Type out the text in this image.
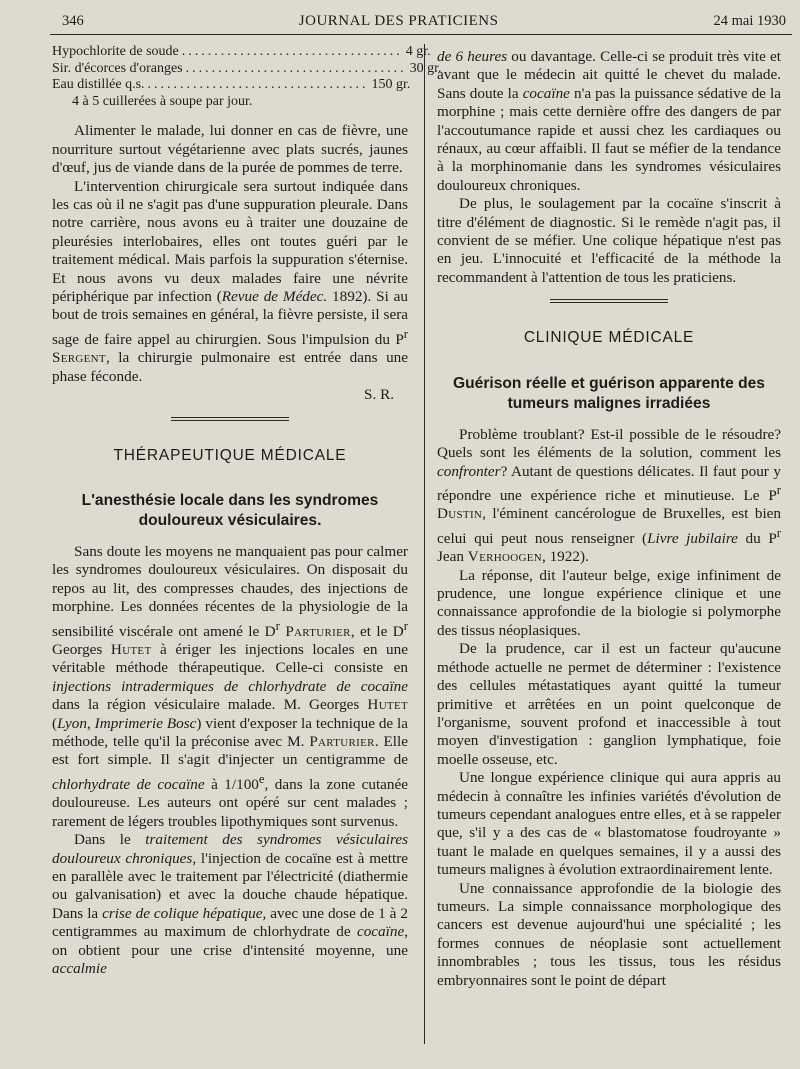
346	JOURNAL DES PRATICIENS	24 mai 1930
Hypochlorite de soude .................................. 4 gr.
Sir. d'écorces d'oranges .................................. 30 gr.
Eau distillée q.s. .................................. 150 gr.
4 à 5 cuillerées à soupe par jour.

Alimenter le malade, lui donner en cas de fièvre, une nourriture surtout végétarienne avec plats sucrés, jaunes d'œuf, jus de viande dans de la purée de pommes de terre.

L'intervention chirurgicale sera surtout indiquée dans les cas où il ne s'agit pas d'une suppuration pleurale. Dans notre carrière, nous avons eu à traiter une douzaine de pleurésies interlobaires, elles ont toutes guéri par le traitement médical. Mais parfois la suppuration s'éternise. Et nous avons vu deux malades faire une névrite périphérique par infection (Revue de Médec. 1892). Si au bout de trois semaines en général, la fièvre persiste, il sera sage de faire appel au chirurgien. Sous l'impulsion du $P^r$ Sergent, la chirurgie pulmonaire est entrée dans une phase féconde.

S. R.
THÉRAPEUTIQUE MÉDICALE
L'anesthésie locale dans les syndromes douloureux vésiculaires.

Sans doute les moyens ne manquaient pas pour calmer les syndromes douloureux vésiculaires. On disposait du repos au lit, des compresses chaudes, des injections de morphine. Les données récentes de la physiologie de la sensibilité viscérale ont amené le $D^r$ Parturier, et le $D^r$ Georges Hutet à ériger les injections locales en une véritable méthode thérapeutique. Celle-ci consiste en injections intradermiques de chlorhydrate de cocaïne dans la région vésiculaire malade. M. Georges Hutet (Lyon, Imprimerie Bosc) vient d'exposer la technique de la méthode, telle qu'il la préconise avec M. Parturier. Elle est fort simple. Il s'agit d'injecter un centigramme de chlorhydrate de cocaïne à 1/100e, dans la zone cutanée douloureuse. Les auteurs ont opéré sur cent malades ; rarement de légers troubles lipothymiques sont survenus.

Dans le traitement des syndromes vésiculaires douloureux chroniques, l'injection de cocaïne est à mettre en parallèle avec le traitement par l'électricité (diathermie ou galvanisation) et avec la douche chaude hépatique. Dans la crise de colique hépatique, avec une dose de 1 à 2 centigrammes au maximum de chlorhydrate de cocaïne, on obtient pour une crise d'intensité moyenne, une accalmie

de 6 heures ou davantage. Celle-ci se produit très vite et avant que le médecin ait quitté le chevet du malade. Sans doute la cocaïne n'a pas la puissance sédative de la morphine ; mais cette dernière offre des dangers de par l'accoutumance rapide et aussi chez les cardiaques ou rénaux, au cœur affaibli. Il faut se méfier de la tendance à la morphinomanie dans les syndromes vésiculaires douloureux chroniques.

De plus, le soulagement par la cocaïne s'inscrit à titre d'élément de diagnostic. Si le remède n'agit pas, il convient de se méfier. Une colique hépatique n'est pas en jeu. L'innocuité et l'efficacité de la méthode la recommandent à l'attention de tous les praticiens.

CLINIQUE MÉDICALE
Guérison réelle et guérison apparente des tumeurs malignes irradiées

Problème troublant? Est-il possible de le résoudre? Quels sont les éléments de la solution, comment les confronter? Autant de questions délicates. Il faut pour y répondre une expérience riche et minutieuse. Le $P^r$ Dustin, l'éminent cancérologue de Bruxelles, est bien celui qui peut nous renseigner (Livre jubilaire du $P^r$ Jean Verhoogen, 1922).

La réponse, dit l'auteur belge, exige infiniment de prudence, une longue expérience clinique et une connaissance approfondie de la biologie si polymorphe des tissus néoplasiques.

De la prudence, car il est un facteur qu'aucune méthode actuelle ne permet de déterminer : l'existence des cellules métastatiques ayant quitté la tumeur primitive et arrêtées en un point quelconque de l'organisme, souvent profond et inaccessible à tout moyen d'investigation : ganglion lymphatique, foie moelle osseuse, etc.

Une longue expérience clinique qui aura appris au médecin à connaître les infinies variétés d'évolution de tumeurs cependant analogues entre elles, et à se rappeler que, s'il y a des cas de « blastomatose foudroyante » tuant le malade en quelques semaines, il y a aussi des tumeurs malignes à évolution extraordinairement lente.

Une connaissance approfondie de la biologie des tumeurs. La simple connaissance morphologique des cancers est devenue aujourd'hui une spécialité ; les formes connues de néoplasie sont actuellement innombrables ; tous les tissus, tous les résidus embryonnaires sont le point de départ
